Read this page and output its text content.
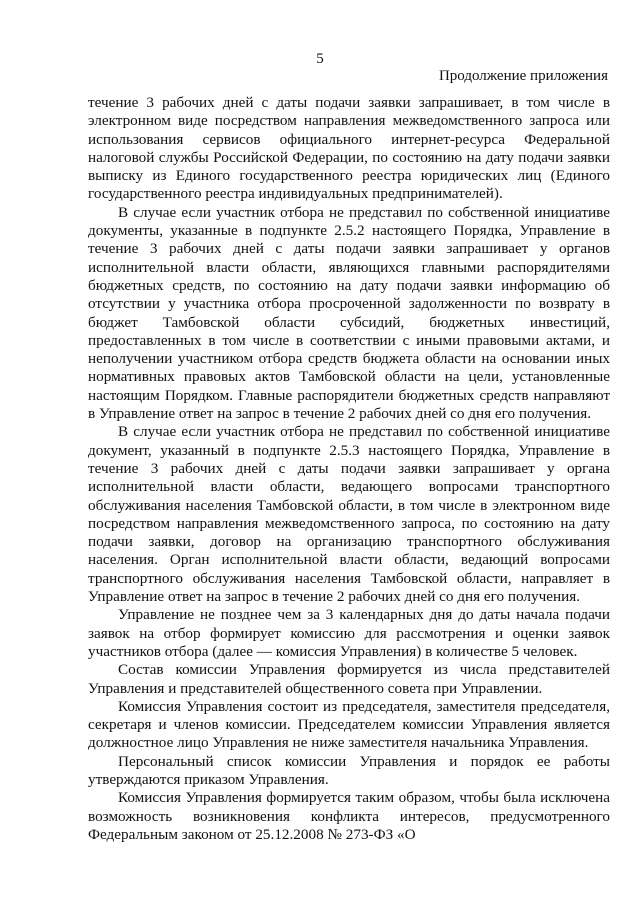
5
Продолжение приложения

течение 3 рабочих дней с даты подачи заявки запрашивает, в том числе в электронном виде посредством направления межведомственного запроса или использования сервисов официального интернет-ресурса Федеральной налоговой службы Российской Федерации, по состоянию на дату подачи заявки выписку из Единого государственного реестра юридических лиц (Единого государственного реестра индивидуальных предпринимателей).

В случае если участник отбора не представил по собственной инициативе документы, указанные в подпункте 2.5.2 настоящего Порядка, Управление в течение 3 рабочих дней с даты подачи заявки запрашивает у органов исполнительной власти области, являющихся главными распорядителями бюджетных средств, по состоянию на дату подачи заявки информацию об отсутствии у участника отбора просроченной задолженности по возврату в бюджет Тамбовской области субсидий, бюджетных инвестиций, предоставленных в том числе в соответствии с иными правовыми актами, и неполучении участником отбора средств бюджета области на основании иных нормативных правовых актов Тамбовской области на цели, установленные настоящим Порядком. Главные распорядители бюджетных средств направляют в Управление ответ на запрос в течение 2 рабочих дней со дня его получения.

В случае если участник отбора не представил по собственной инициативе документ, указанный в подпункте 2.5.3 настоящего Порядка, Управление в течение 3 рабочих дней с даты подачи заявки запрашивает у органа исполнительной власти области, ведающего вопросами транспортного обслуживания населения Тамбовской области, в том числе в электронном виде посредством направления межведомственного запроса, по состоянию на дату подачи заявки, договор на организацию транспортного обслуживания населения. Орган исполнительной власти области, ведающий вопросами транспортного обслуживания населения Тамбовской области, направляет в Управление ответ на запрос в течение 2 рабочих дней со дня его получения.

Управление не позднее чем за 3 календарных дня до даты начала подачи заявок на отбор формирует комиссию для рассмотрения и оценки заявок участников отбора (далее — комиссия Управления) в количестве 5 человек.

Состав комиссии Управления формируется из числа представителей Управления и представителей общественного совета при Управлении.

Комиссия Управления состоит из председателя, заместителя председателя, секретаря и членов комиссии. Председателем комиссии Управления является должностное лицо Управления не ниже заместителя начальника Управления.

Персональный список комиссии Управления и порядок ее работы утверждаются приказом Управления.

Комиссия Управления формируется таким образом, чтобы была исключена возможность возникновения конфликта интересов, предусмотренного Федеральным законом от 25.12.2008 № 273-ФЗ «О
